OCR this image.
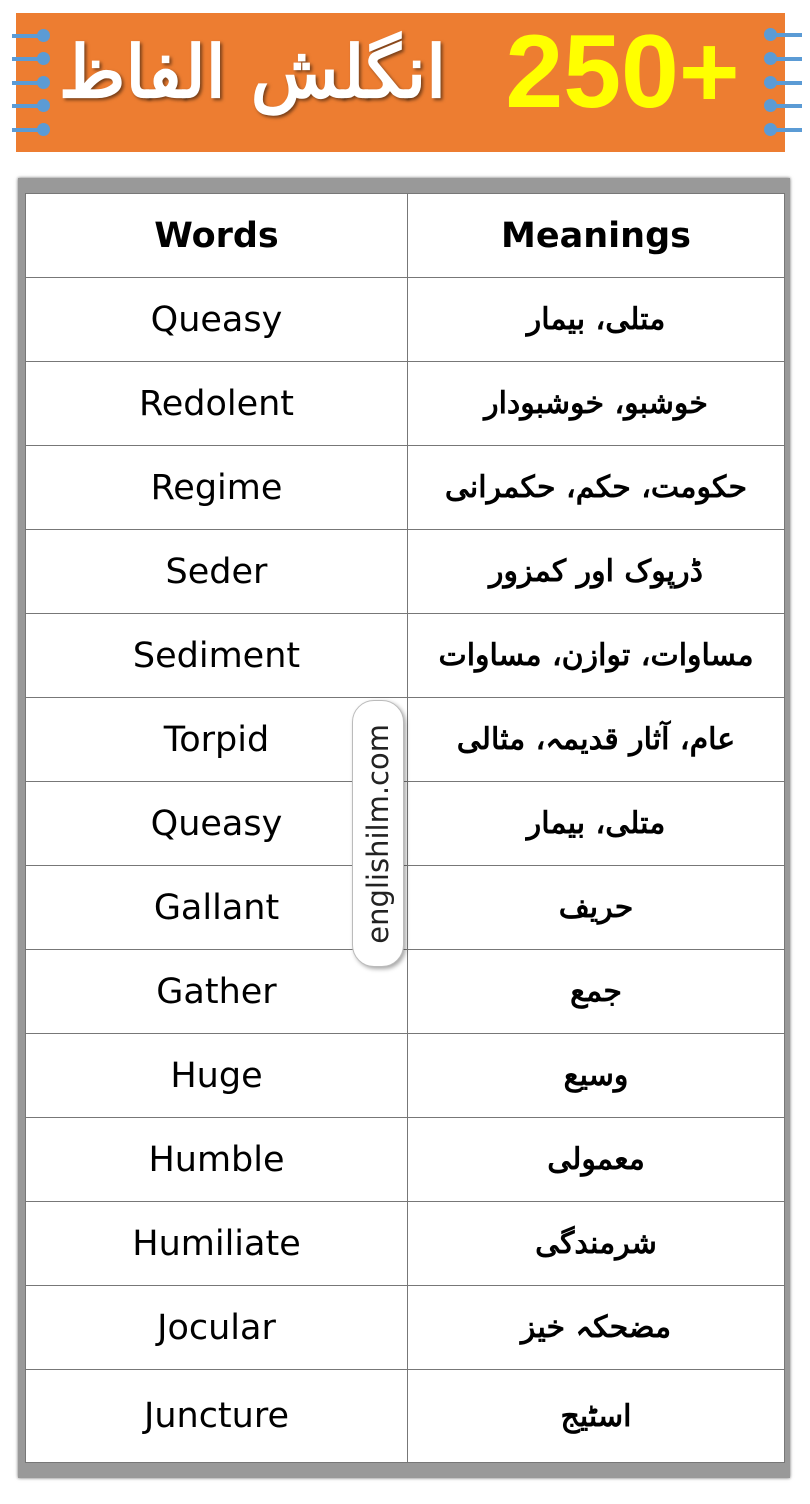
انگلش الفاظ 250+
Words	Meanings
Queasy	متلی، بیمار
Redolent	خوشبو، خوشبودار
Regime	حکومت، حکم، حکمرانی
Seder	ڈرپوک اور کمزور
Sediment	مساوات، توازن، مساوات
Torpid	عام، آثار قدیمہ، مثالی
Queasy	متلی، بیمار
Gallant	حریف
Gather	جمع
Huge	وسیع
Humble	معمولی
Humiliate	شرمندگی
Jocular	مضحکہ خیز
Juncture	اسٹیج
englishilm.com
